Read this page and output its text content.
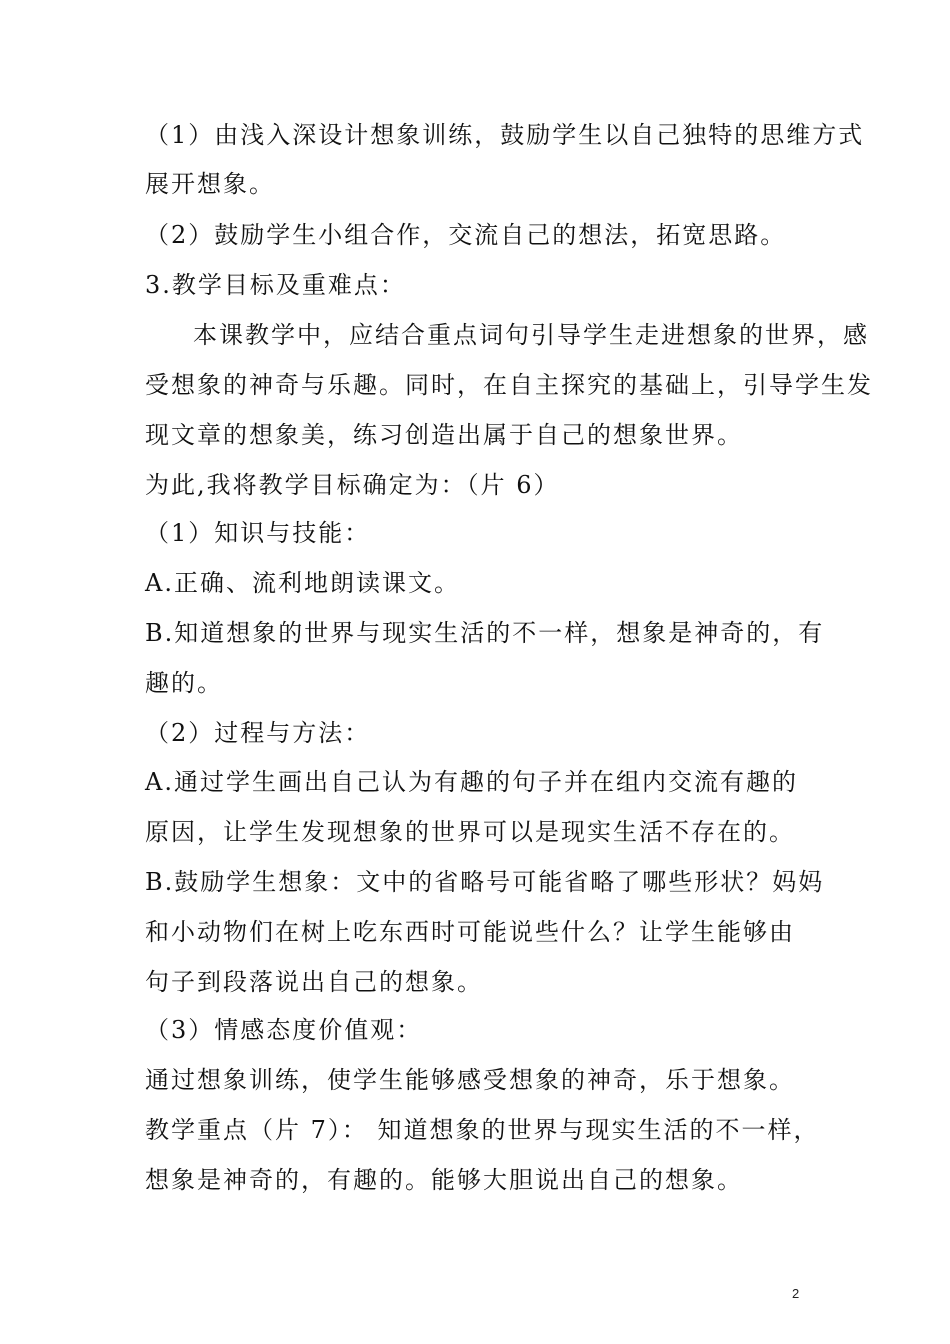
（1）由浅入深设计想象训练，鼓励学生以自己独特的思维方式
展开想象。
（2）鼓励学生小组合作，交流自己的想法，拓宽思路。
3.教学目标及重难点：
本课教学中，应结合重点词句引导学生走进想象的世界，感
受想象的神奇与乐趣。同时，在自主探究的基础上，引导学生发
现文章的想象美，练习创造出属于自己的想象世界。
为此,我将教学目标确定为：（片 6）
（1）知识与技能：
A.正确、流利地朗读课文。
B.知道想象的世界与现实生活的不一样，想象是神奇的，有
趣的。
（2）过程与方法：
A.通过学生画出自己认为有趣的句子并在组内交流有趣的
原因，让学生发现想象的世界可以是现实生活不存在的。
B.鼓励学生想象：文中的省略号可能省略了哪些形状？妈妈
和小动物们在树上吃东西时可能说些什么？让学生能够由
句子到段落说出自己的想象。
（3）情感态度价值观：
通过想象训练，使学生能够感受想象的神奇，乐于想象。
教学重点（片 7）： 知道想象的世界与现实生活的不一样，
想象是神奇的，有趣的。能够大胆说出自己的想象。
2
